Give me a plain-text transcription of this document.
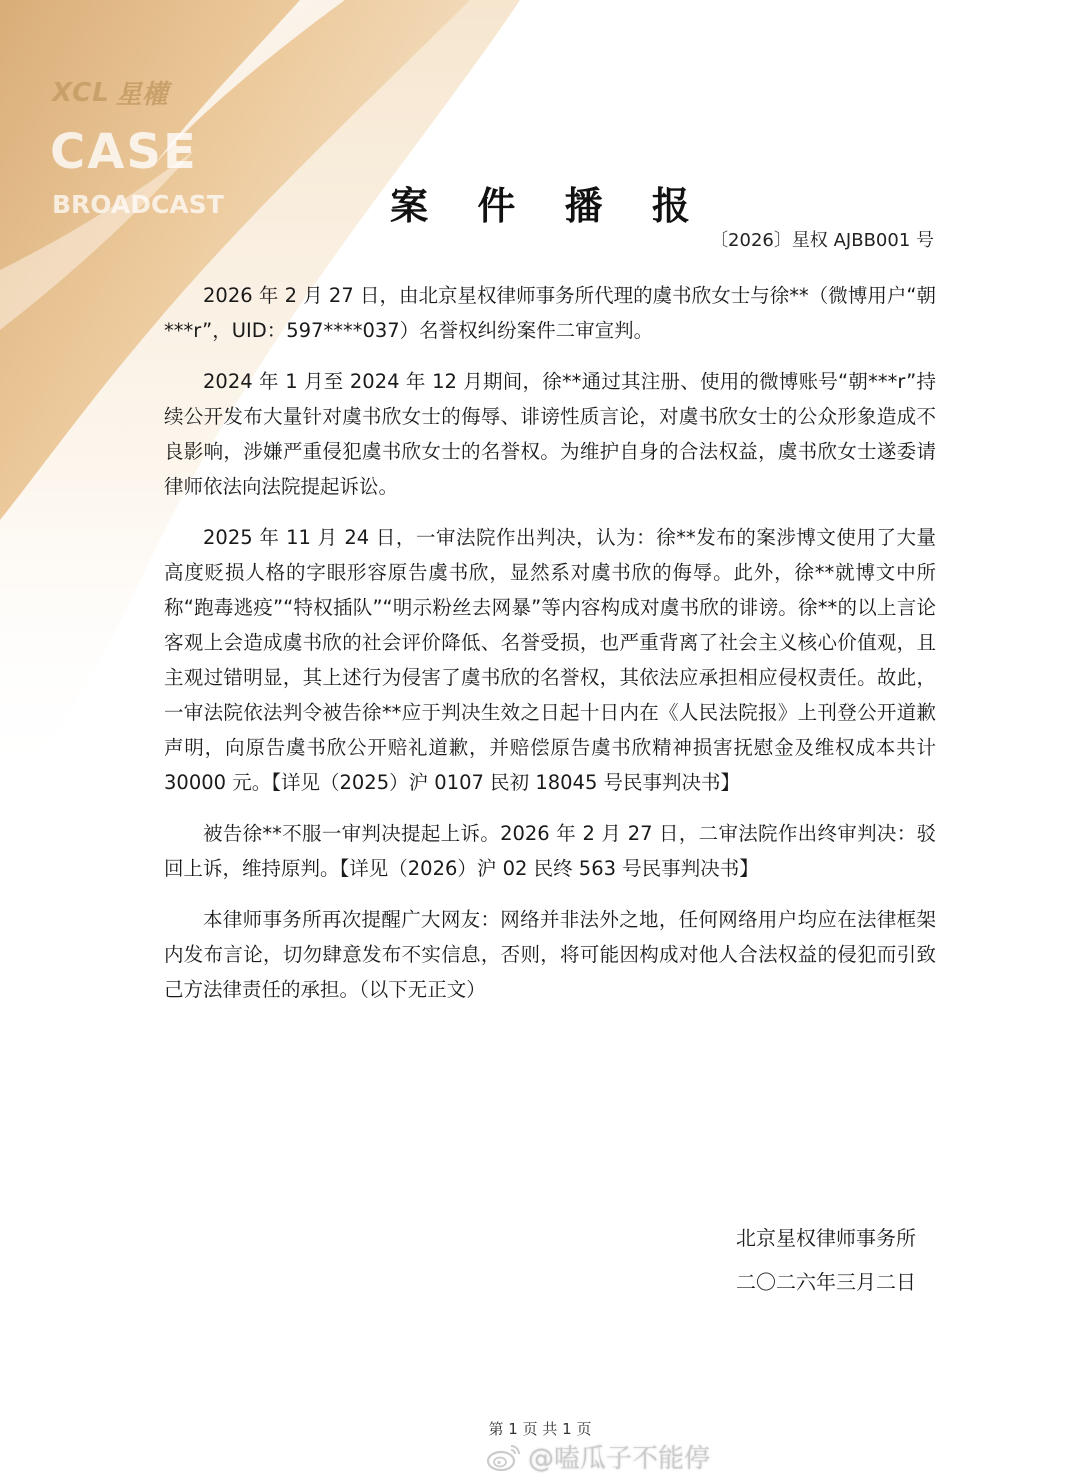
XCL 星權
CASE
BROADCAST	案 件 播 报
〔2026〕星权 AJBB001 号

2026 年 2 月 27 日，由北京星权律师事务所代理的虞书欣女士与徐**（微博用户“朝***r”，UID：597****037）名誉权纠纷案件二审宣判。

2024 年 1 月至 2024 年 12 月期间，徐**通过其注册、使用的微博账号“朝***r”持续公开发布大量针对虞书欣女士的侮辱、诽谤性质言论，对虞书欣女士的公众形象造成不良影响，涉嫌严重侵犯虞书欣女士的名誉权。为维护自身的合法权益，虞书欣女士遂委请律师依法向法院提起诉讼。

2025 年 11 月 24 日，一审法院作出判决，认为：徐**发布的案涉博文使用了大量高度贬损人格的字眼形容原告虞书欣，显然系对虞书欣的侮辱。此外，徐**就博文中所称“跑毒逃疫”“特权插队”“明示粉丝去网暴”等内容构成对虞书欣的诽谤。徐**的以上言论客观上会造成虞书欣的社会评价降低、名誉受损，也严重背离了社会主义核心价值观，且主观过错明显，其上述行为侵害了虞书欣的名誉权，其依法应承担相应侵权责任。故此，一审法院依法判令被告徐**应于判决生效之日起十日内在《人民法院报》上刊登公开道歉声明，向原告虞书欣公开赔礼道歉，并赔偿原告虞书欣精神损害抚慰金及维权成本共计 30000 元。【详见（2025）沪 0107 民初 18045 号民事判决书】

被告徐**不服一审判决提起上诉。2026 年 2 月 27 日，二审法院作出终审判决：驳回上诉，维持原判。【详见（2026）沪 02 民终 563 号民事判决书】

本律师事务所再次提醒广大网友：网络并非法外之地，任何网络用户均应在法律框架内发布言论，切勿肆意发布不实信息，否则，将可能因构成对他人合法权益的侵犯而引致己方法律责任的承担。（以下无正文）

北京星权律师事务所
二〇二六年三月二日
第 1 页 共 1 页
@嗑瓜子不能停
